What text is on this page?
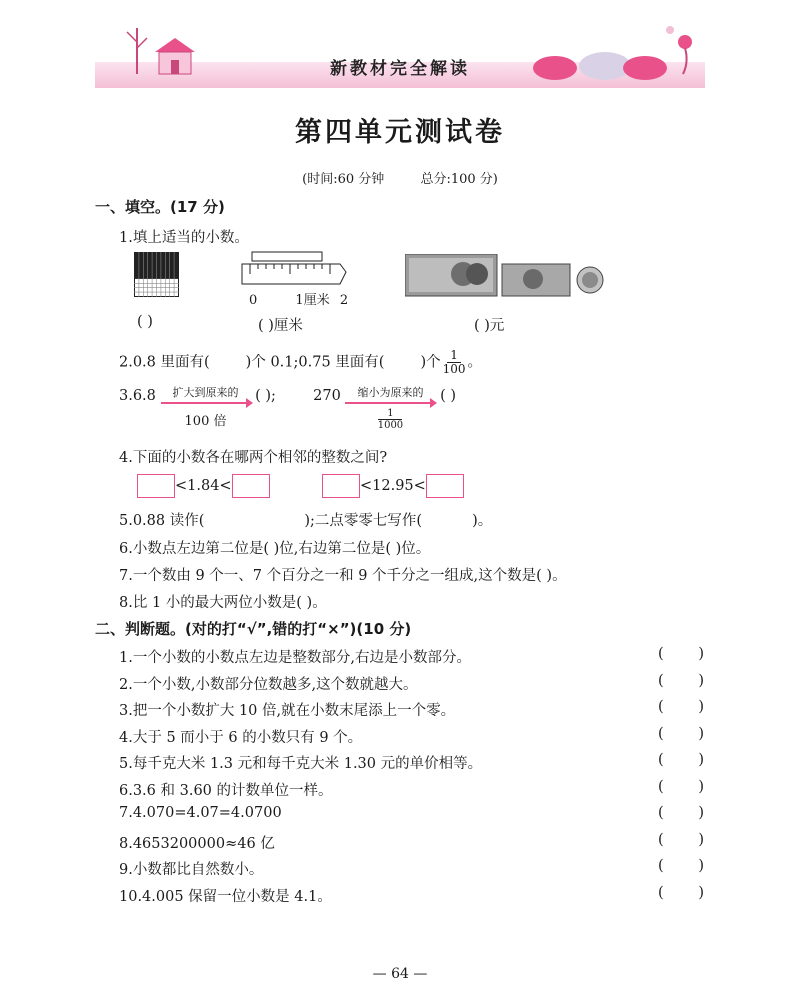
新教材完全解读
第四单元测试卷
(时间:60 分钟	总分:100 分)
一、填空。(17 分)
1.填上适当的小数。
0	1厘米 2
( )	( )厘米	( )元
2.0.8 里面有( )个 0.1;0.75 里面有( )个 $\frac{1}{100}$ 。
3.6.8 扩大到原来的
100 倍
( );	270 缩小为原来的
$\frac{1}{1000}$
( )
4.下面的小数各在哪两个相邻的整数之间?
<1.84<	<12.95<
5.0.88 读作(	);二点零零七写作(	)。
6.小数点左边第二位是( )位,右边第二位是( )位。
7.一个数由 9 个一、7 个百分之一和 9 个千分之一组成,这个数是( )。
8.比 1 小的最大两位小数是( )。
二、判断题。(对的打“√”,错的打“×”)(10 分)
1.一个小数的小数点左边是整数部分,右边是小数部分。	( )
2.一个小数,小数部分位数越多,这个数就越大。	( )
3.把一个小数扩大 10 倍,就在小数末尾添上一个零。	( )
4.大于 5 而小于 6 的小数只有 9 个。	( )
5.每千克大米 1.3 元和每千克大米 1.30 元的单价相等。	( )
6.3.6 和 3.60 的计数单位一样。	( )
7.4.070=4.07=4.0700	( )
8.4653200000≈46 亿	( )
9.小数都比自然数小。	( )
10.4.005 保留一位小数是 4.1。	( )
— 64 —
